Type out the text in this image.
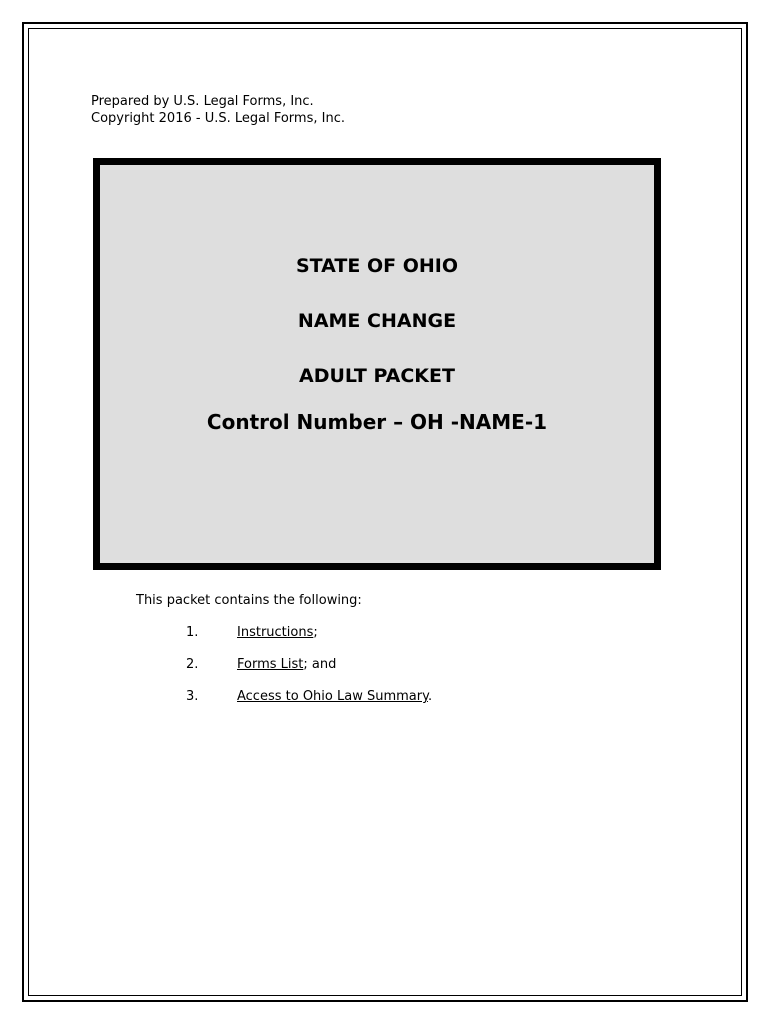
Prepared by U.S. Legal Forms, Inc.
Copyright 2016 - U.S. Legal Forms, Inc.
STATE OF OHIO
NAME CHANGE
ADULT PACKET
Control Number – OH -NAME-1
This packet contains the following:
1.	Instructions;
2.	Forms List; and
3.	Access to Ohio Law Summary.
